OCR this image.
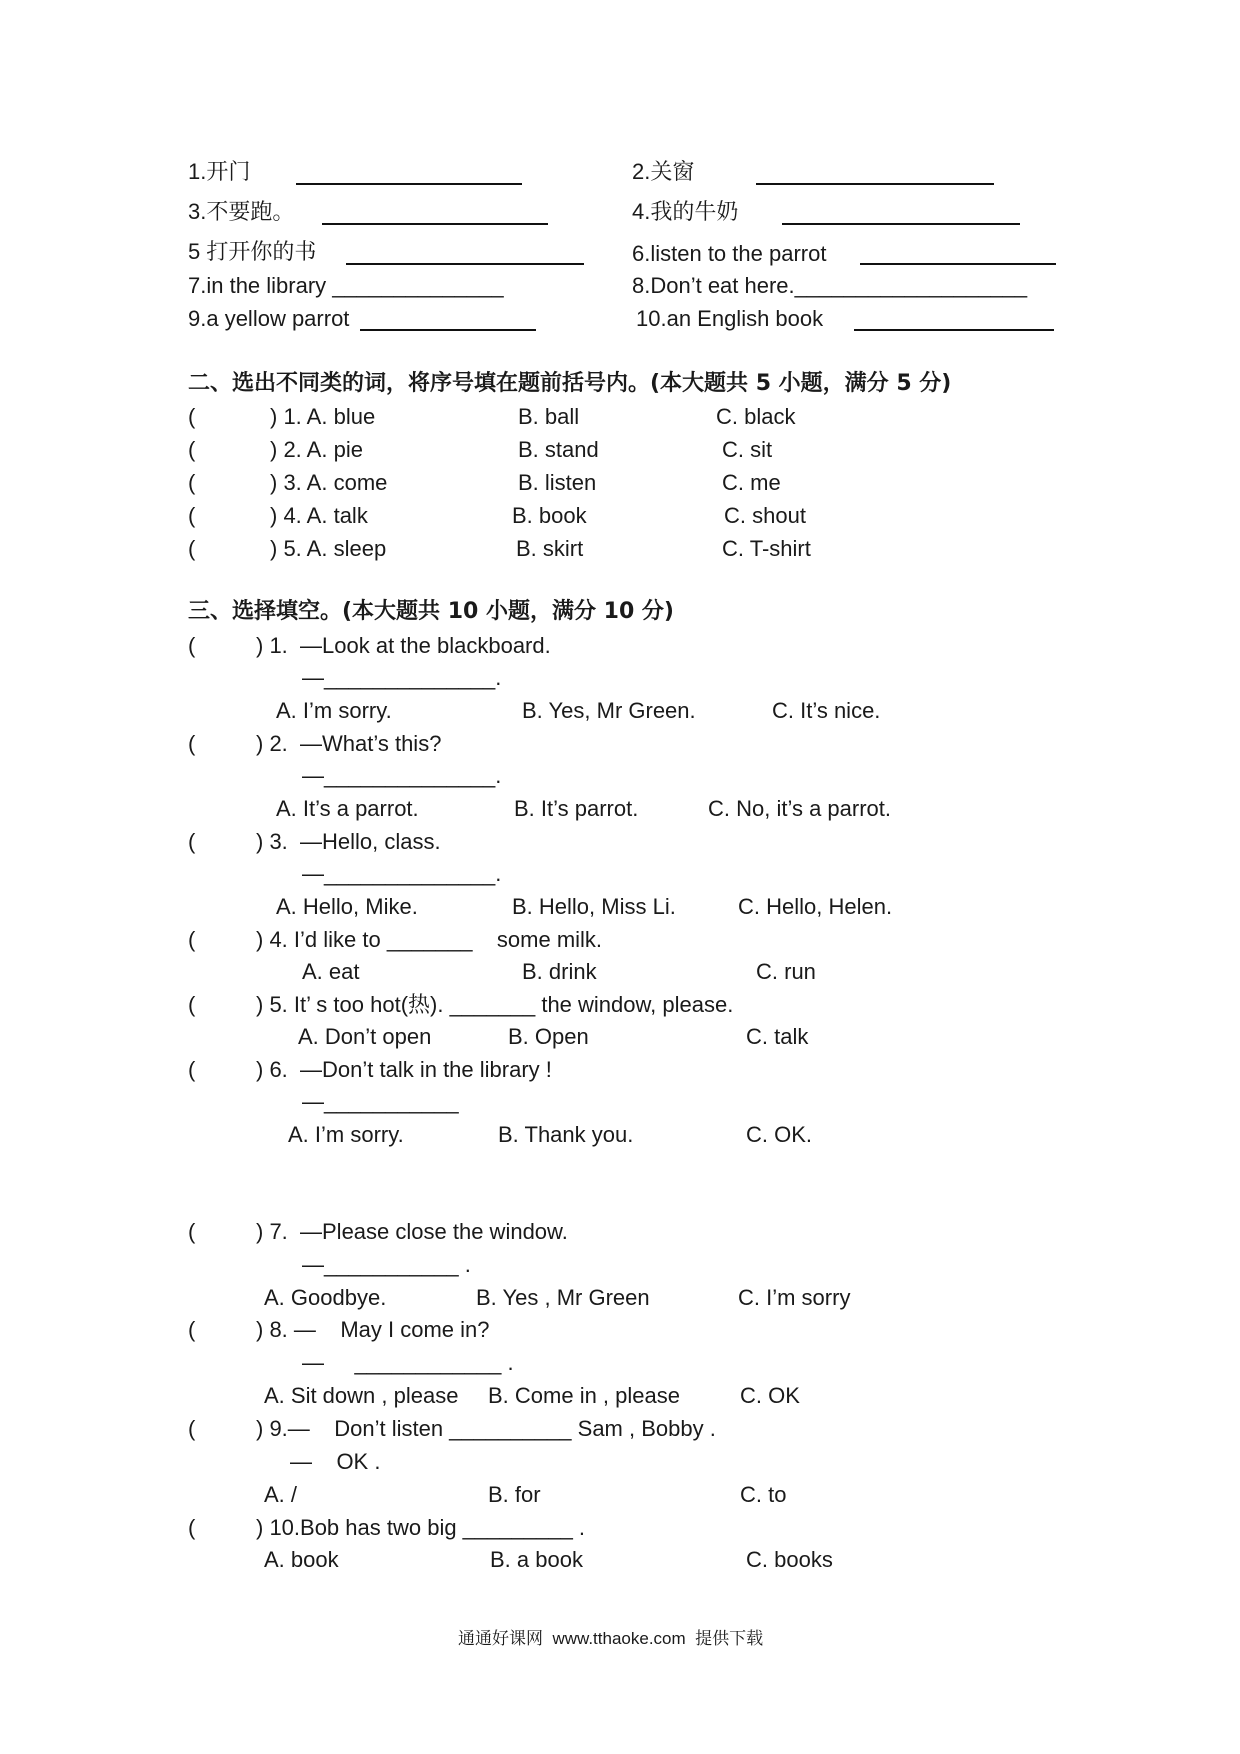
1.开门	2.关窗
3.不要跑。	4.我的牛奶
5 打开你的书	6.listen to the parrot
7.in the library ______________	8.Don’t eat here.___________________
9.a yellow parrot	10.an English book
二、选出不同类的词，将序号填在题前括号内。(本大题共 5 小题，满分 5 分)
(	) 1. A. blue	B. ball	C. black
(	) 2. A. pie	B. stand	C. sit
(	) 3. A. come	B. listen	C. me
(	) 4. A. talk	B. book	C. shout
(	) 5. A. sleep	B. skirt	C. T-shirt
三、选择填空。(本大题共 10 小题，满分 10 分)
(	) 1.  —Look at the blackboard.
—______________.
A. I’m sorry.	B. Yes, Mr Green.	C. It’s nice.
(	) 2.  —What’s this?
—______________.
A. It’s a parrot.	B. It’s parrot.	C. No, it’s a parrot.
(	) 3.  —Hello, class.
—______________.
A. Hello, Mike.	B. Hello, Miss Li.	C. Hello, Helen.
(	) 4. I’d like to _______    some milk.
A. eat	B. drink	C. run
(	) 5. It’ s too hot(热). _______ the window, please.
A. Don’t open	B. Open	C. talk
(	) 6.  —Don’t talk in the library !
—___________
A. I’m sorry.	B. Thank you.	C. OK.
(	) 7.  —Please close the window.
—___________ .
A. Goodbye.	B. Yes , Mr Green	C. I’m sorry
(	) 8. —    May I come in?
—     ____________ .
A. Sit down , please B. Come in , please	C. OK
(	) 9.—    Don’t listen __________ Sam , Bobby .
—    OK .
A. /	B. for	C. to
(	) 10.Bob has two big _________ .
A. book	B. a book	C. books
通通好课网  www.tthaoke.com  提供下载
